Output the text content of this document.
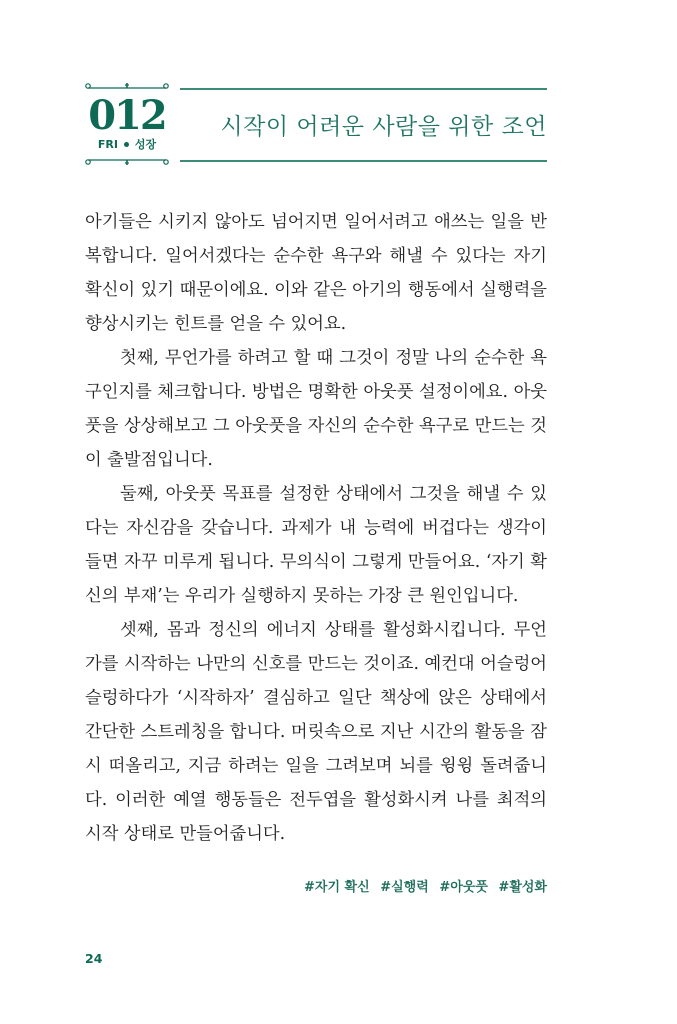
012
FRI 성장
시작이 어려운 사람을 위한 조언

아기들은 시키지 않아도 넘어지면 일어서려고 애쓰는 일을 반복합니다. 일어서겠다는 순수한 욕구와 해낼 수 있다는 자기 확신이 있기 때문이에요. 이와 같은 아기의 행동에서 실행력을 향상시키는 힌트를 얻을 수 있어요.

첫째, 무언가를 하려고 할 때 그것이 정말 나의 순수한 욕구인지를 체크합니다. 방법은 명확한 아웃풋 설정이에요. 아웃풋을 상상해보고 그 아웃풋을 자신의 순수한 욕구로 만드는 것이 출발점입니다.

둘째, 아웃풋 목표를 설정한 상태에서 그것을 해낼 수 있다는 자신감을 갖습니다. 과제가 내 능력에 버겁다는 생각이 들면 자꾸 미루게 됩니다. 무의식이 그렇게 만들어요. ‘자기 확신의 부재’는 우리가 실행하지 못하는 가장 큰 원인입니다.

셋째, 몸과 정신의 에너지 상태를 활성화시킵니다. 무언가를 시작하는 나만의 신호를 만드는 것이죠. 예컨대 어슬렁어슬렁하다가 ‘시작하자’ 결심하고 일단 책상에 앉은 상태에서 간단한 스트레칭을 합니다. 머릿속으로 지난 시간의 활동을 잠시 떠올리고, 지금 하려는 일을 그려보며 뇌를 윙윙 돌려줍니다. 이러한 예열 행동들은 전두엽을 활성화시켜 나를 최적의 시작 상태로 만들어줍니다.

#자기 확신 #실행력 #아웃풋 #활성화
24
